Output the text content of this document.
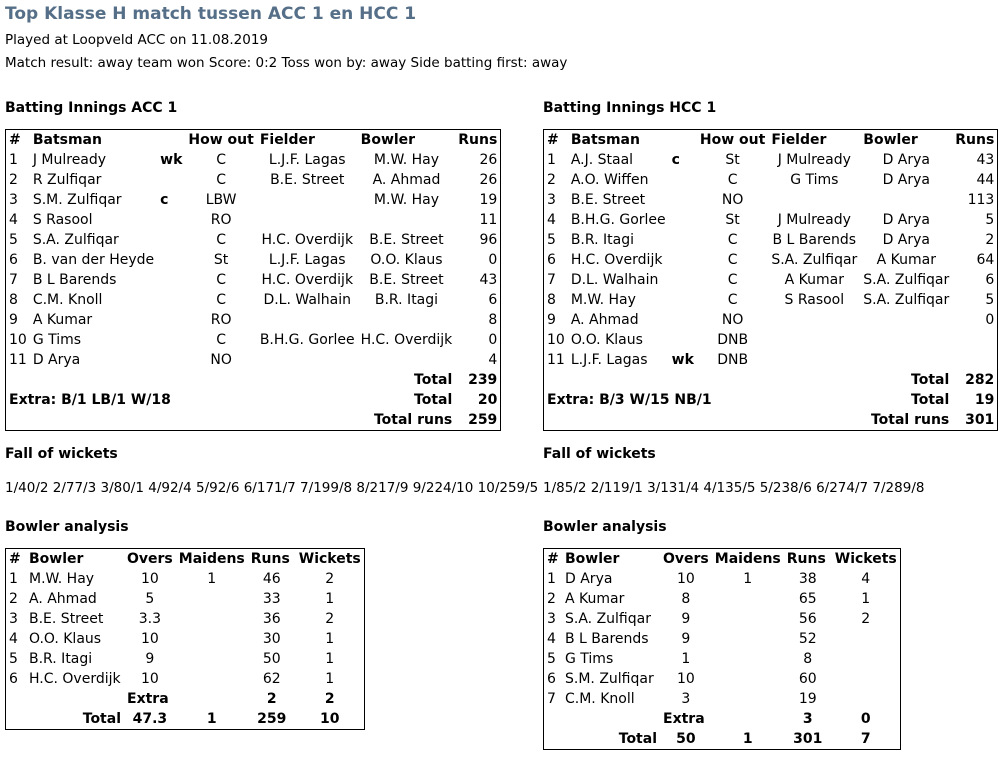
Top Klasse H match tussen ACC 1 en HCC 1
Played at Loopveld ACC on 11.08.2019
Match result: away team won Score: 0:2 Toss won by: away Side batting first: away
Batting Innings ACC 1
#	Batsman		How out	Fielder	Bowler	Runs
1	J Mulready	wk	C	L.J.F. Lagas	M.W. Hay	26
2	R Zulfiqar		C	B.E. Street	A. Ahmad	26
3	S.M. Zulfiqar	c	LBW		M.W. Hay	19
4	S Rasool		RO			11
5	S.A. Zulfiqar		C	H.C. Overdijk	B.E. Street	96
6	B. van der Heyde		St	L.J.F. Lagas	O.O. Klaus	0
7	B L Barends		C	H.C. Overdijk	B.E. Street	43
8	C.M. Knoll		C	D.L. Walhain	B.R. Itagi	6
9	A Kumar		RO			8
10	G Tims		C	B.H.G. Gorlee	H.C. Overdijk	0
11	D Arya		NO			4
				Total		239
Extra: B/1 LB/1 W/18				Total		20
				Total runs		259
Fall of wickets
1/40/2 2/77/3 3/80/1 4/92/4 5/92/6 6/171/7 7/199/8 8/217/9 9/224/10 10/259/5
Bowler analysis
#	Bowler	Overs	Maidens	Runs	Wickets
1	M.W. Hay	10	1	46	2
2	A. Ahmad	5		33	1
3	B.E. Street	3.3		36	2
4	O.O. Klaus	10		30	1
5	B.R. Itagi	9		50	1
6	H.C. Overdijk	10		62	1
		Extra		2	2
Total		47.3	1	259	10
Batting Innings HCC 1
#	Batsman		How out	Fielder	Bowler	Runs
1	A.J. Staal	c	St	J Mulready	D Arya	43
2	A.O. Wiffen		C	G Tims	D Arya	44
3	B.E. Street		NO			113
4	B.H.G. Gorlee		St	J Mulready	D Arya	5
5	B.R. Itagi		C	B L Barends	D Arya	2
6	H.C. Overdijk		C	S.A. Zulfiqar	A Kumar	64
7	D.L. Walhain		C	A Kumar	S.A. Zulfiqar	6
8	M.W. Hay		C	S Rasool	S.A. Zulfiqar	5
9	A. Ahmad		NO			0
10	O.O. Klaus		DNB			
11	L.J.F. Lagas	wk	DNB			
				Total		282
Extra: B/3 W/15 NB/1				Total		19
				Total runs		301
Fall of wickets
1/85/2 2/119/1 3/131/4 4/135/5 5/238/6 6/274/7 7/289/8
Bowler analysis
#	Bowler	Overs	Maidens	Runs	Wickets
1	D Arya	10	1	38	4
2	A Kumar	8		65	1
3	S.A. Zulfiqar	9		56	2
4	B L Barends	9		52	
5	G Tims	1		8	
6	S.M. Zulfiqar	10		60	
7	C.M. Knoll	3		19	
		Extra		3	0
Total		50	1	301	7
